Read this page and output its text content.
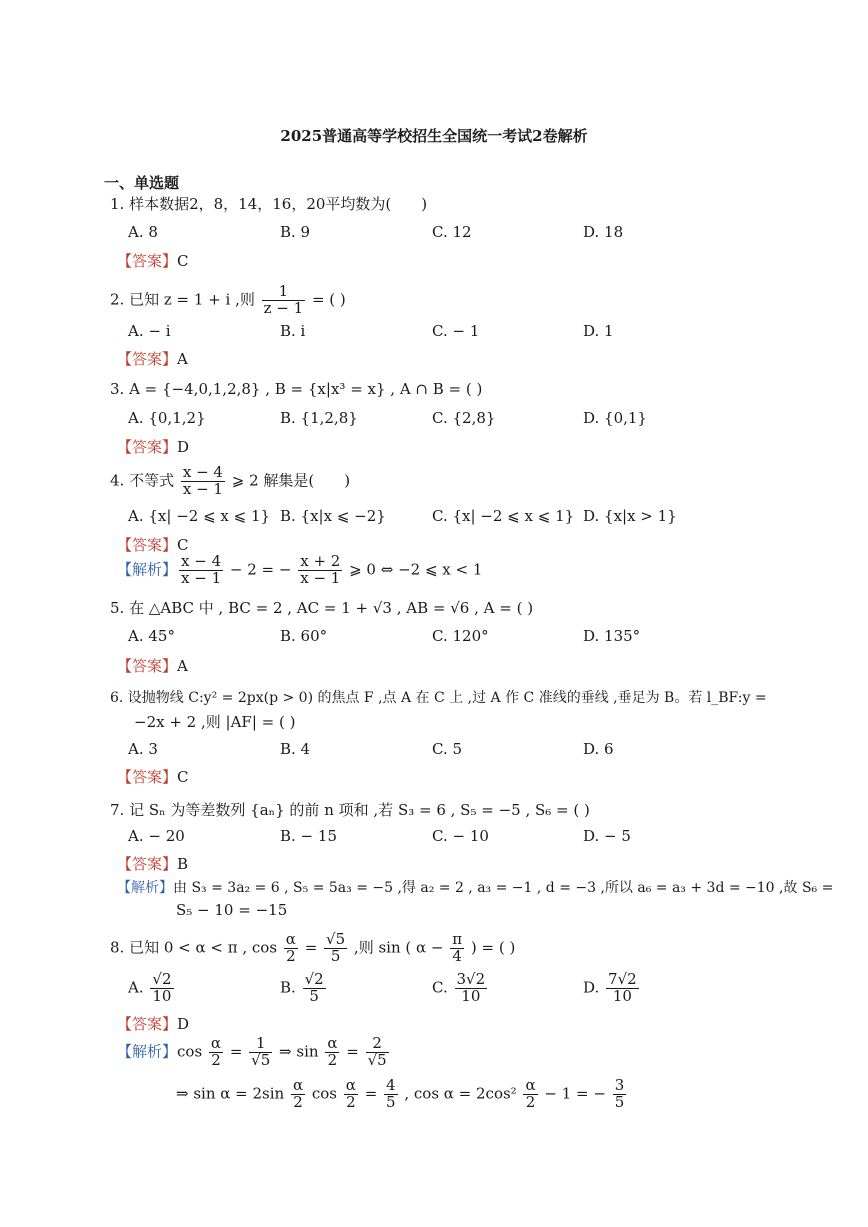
2025普通高等学校招生全国统一考试2卷解析
一、单选题
1. 样本数据2，8，14，16，20平均数为(　　)
A. 8	B. 9	C. 12	D. 18
【答案】C
2. 已知 z = 1 + i ,则 $\frac{1}{z - 1}$ = ( )
A. − i	B. i	C. − 1	D. 1
【答案】A
3. A = {−4,0,1,2,8} , B = {x|x³ = x} , A ∩ B = ( )
A. {0,1,2}	B. {1,2,8}	C. {2,8}	D. {0,1}
【答案】D
4. 不等式 $\frac{x - 4}{x - 1}$ ⩾ 2 解集是(　　)
A. {x| −2 ⩽ x ⩽ 1} B. {x|x ⩽ −2}	C. {x| −2 ⩽ x ⩽ 1} D. {x|x > 1}
【答案】C
【解析】 $\frac{x - 4}{x - 1} - 2$ = − $\frac{x + 2}{x - 1}$ ⩾ 0 ⇔ −2 ⩽ x < 1
5. 在 △ABC 中 , BC = 2 , AC = 1 + √3 , AB = √6 , A = ( )
A. 45°	B. 60°	C. 120°	D. 135°
【答案】A
6. 设抛物线 C:y² = 2px(p > 0) 的焦点 F ,点 A 在 C 上 ,过 A 作 C 准线的垂线 ,垂足为 B。若 l_BF:y =
−2x + 2 ,则 |AF| = ( )
A. 3	B. 4	C. 5	D. 6
【答案】C
7. 记 Sₙ 为等差数列 {aₙ} 的前 n 项和 ,若 S₃ = 6 , S₅ = −5 , S₆ = ( )
A. − 20	B. − 15	C. − 10	D. − 5
【答案】B
【解析】由 S₃ = 3a₂ = 6 , S₅ = 5a₃ = −5 ,得 a₂ = 2 , a₃ = −1 , d = −3 ,所以 a₆ = a₃ + 3d = −10 ,故 S₆ =
S₅ − 10 = −15
8. 已知 0 < α < π , $\cos \frac{\alpha}{2} = \frac{√5}{5}$ ,则 sin ( $\alpha - \frac{\pi}{4}$ ) = ( )
A. $\frac{√2}{10}$	B. $\frac{√2}{5}$	C. $\frac{3√2}{10}$	D. $\frac{7√2}{10}$
【答案】D
【解析】$\cos \frac{\alpha}{2} = \frac{1}{√5}$ ⇒ $\sin \frac{\alpha}{2} = \frac{2}{√5}$
⇒ $\sin \alpha = 2\sin \frac{\alpha}{2}$ $\cos \frac{\alpha}{2} = \frac{4}{5}$ , $\cos \alpha = 2\cos^2 \frac{\alpha}{2} - 1$ = − $\frac{3}{5}$
